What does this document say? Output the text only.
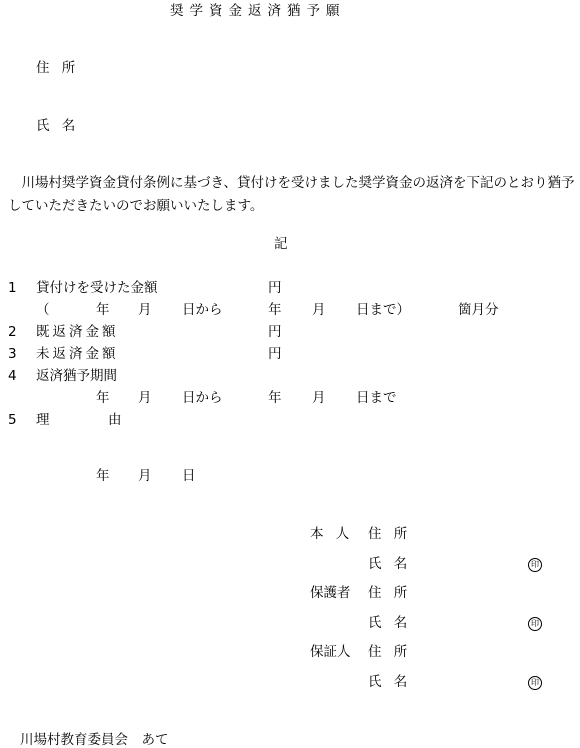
奨学資金返済猶予願
住 所
氏 名
　川場村奨学資金貸付条例に基づき、貸付けを受けました奨学資金の返済を下記のとおり猶予していただきたいのでお願いいたします。
記
1 貸付けを受けた金額	円
（	年 月 日から	年 月 日まで）	箇月分
2 既返済金額	円
3 未返済金額	円
4 返済猶予期間
年 月 日から	年 月 日まで
5 理	由
年 月 日
本 人 住 所
氏 名	印
保護者 住 所
氏 名	印
保証人 住 所
氏 名	印
川場村教育委員会　あて
